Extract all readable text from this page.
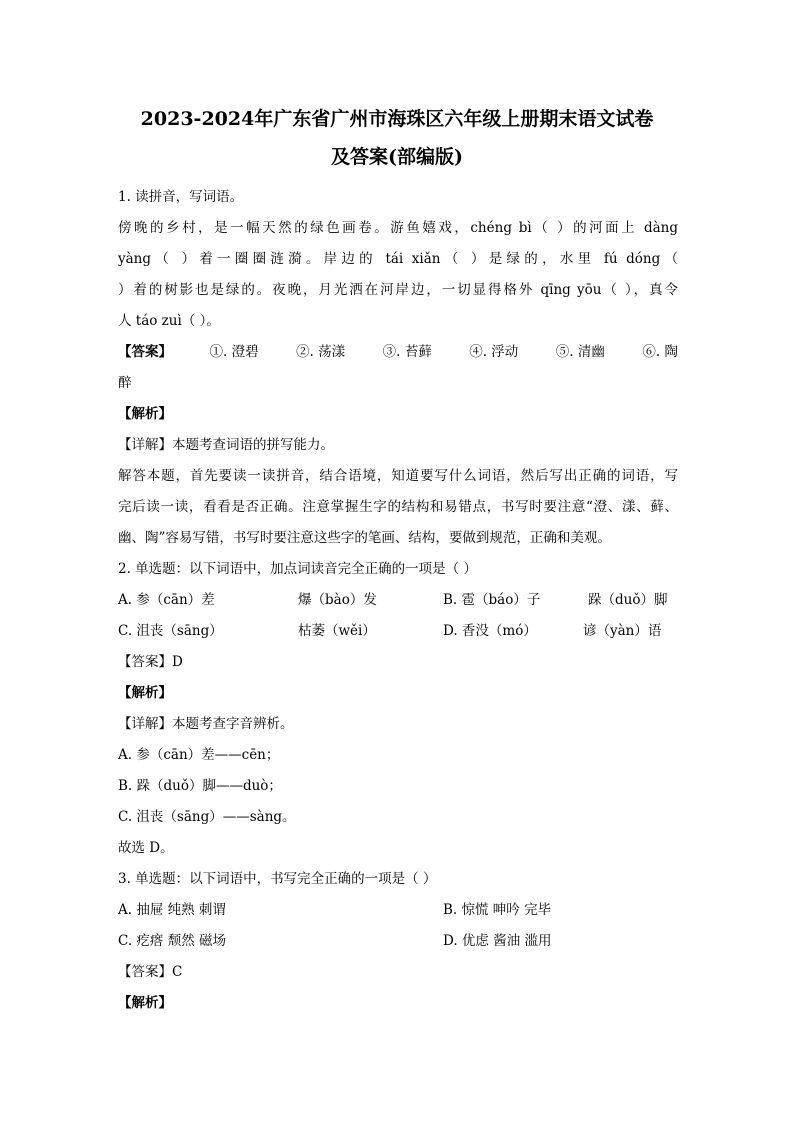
2023-2024年广东省广州市海珠区六年级上册期末语文试卷
及答案(部编版)
1. 读拼音，写词语。
傍晚的乡村，是一幅天然的绿色画卷。游鱼嬉戏，chéng bì（ ）的河面上 dàng
yàng（ ）着一圈圈涟漪。岸边的 tái xiǎn（ ）是绿的，水里 fú dóng（
）着的树影也是绿的。夜晚，月光洒在河岸边，一切显得格外 qīng yōu（ ），真令
人 táo zuì（ ）。
【答案】	①. 澄碧	②. 荡漾	③. 苔藓	④. 浮动	⑤. 清幽	⑥. 陶
醉
【解析】
【详解】本题考查词语的拼写能力。
解答本题，首先要读一读拼音，结合语境，知道要写什么词语，然后写出正确的词语，写
完后读一读，看看是否正确。注意掌握生字的结构和易错点，书写时要注意“澄、漾、藓、
幽、陶”容易写错，书写时要注意这些字的笔画、结构，要做到规范，正确和美观。
2. 单选题：以下词语中，加点词读音完全正确的一项是（ ）
A. 参（cān）差	爆（bào）发	B. 雹（báo）子	跺（duǒ）脚
C. 沮丧（sāng）	枯萎（wěi）	D. 香没（mó）	谚（yàn）语
【答案】D
【解析】
【详解】本题考查字音辨析。
A. 参（cān）差——cēn；
B. 跺（duǒ）脚——duò；
C. 沮丧（sāng）——sàng。
故选 D。
3. 单选题：以下词语中，书写完全正确的一项是（ ）
A. 抽屉 纯熟 刺谓	B. 惊慌 呻吟 完毕
C. 疙瘩 颓然 磁场	D. 优虑 酱油 滥用
【答案】C
【解析】
